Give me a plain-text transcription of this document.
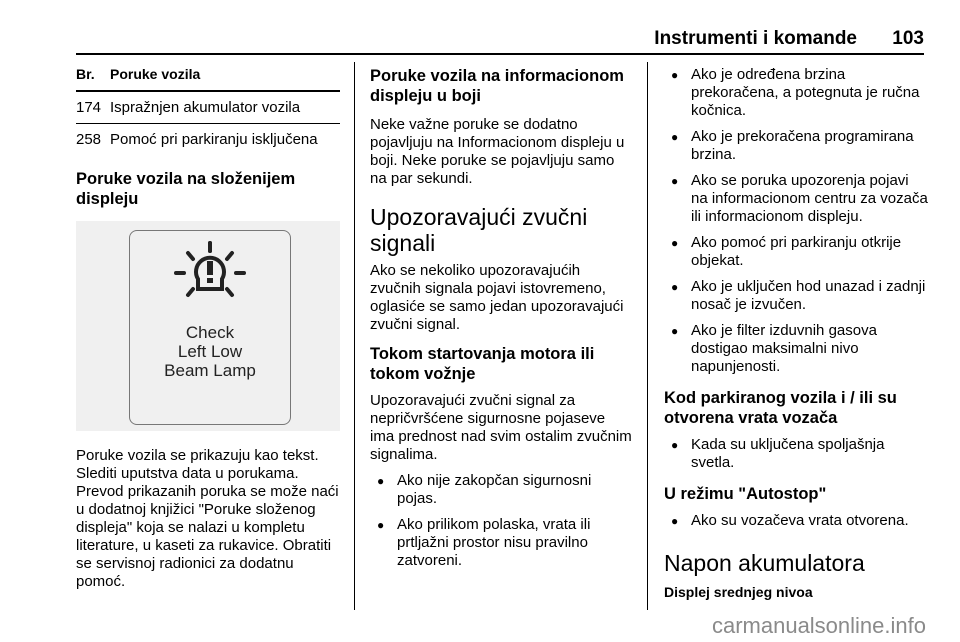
Instrumenti i komande 103
Br.	Poruke vozila
174 Ispražnjen akumulator vozila
258 Pomoć pri parkiranju isključena

Poruke vozila na složenijem displeju

Check
Left Low
Beam Lamp

Poruke vozila se prikazuju kao tekst. Slediti uputstva data u porukama. Prevod prikazanih poruka se može naći u dodatnoj knjižici "Poruke složenog displeja" koja se nalazi u kompletu literature, u kaseti za rukavice. Obratiti se servisnoj radionici za dodatnu pomoć.

Poruke vozila na informacionom displeju u boji

Neke važne poruke se dodatno pojavljuju na Informacionom displeju u boji. Neke poruke se pojavljuju samo na par sekundi.

Upozoravajući zvučni signali

Ako se nekoliko upozoravajućih zvučnih signala pojavi istovremeno, oglasiće se samo jedan upozoravajući zvučni signal.

Tokom startovanja motora ili tokom vožnje

Upozoravajući zvučni signal za nepričvršćene sigurnosne pojaseve ima prednost nad svim ostalim zvučnim signalima.

● Ako nije zakopčan sigurnosni pojas.
● Ako prilikom polaska, vrata ili prtljažni prostor nisu pravilno zatvoreni.
● Ako je određena brzina prekoračena, a potegnuta je ručna kočnica.
● Ako je prekoračena programirana brzina.
● Ako se poruka upozorenja pojavi na informacionom centru za vozača ili informacionom displeju.
● Ako pomoć pri parkiranju otkrije objekat.
● Ako je uključen hod unazad i zadnji nosač je izvučen.
● Ako je filter izduvnih gasova dostigao maksimalni nivo napunjenosti.

Kod parkiranog vozila i / ili su otvorena vrata vozača

● Kada su uključena spoljašnja svetla.

U režimu "Autostop"

● Ako su vozačeva vrata otvorena.

Napon akumulatora

Displej srednjeg nivoa

carmanualsonline.info
